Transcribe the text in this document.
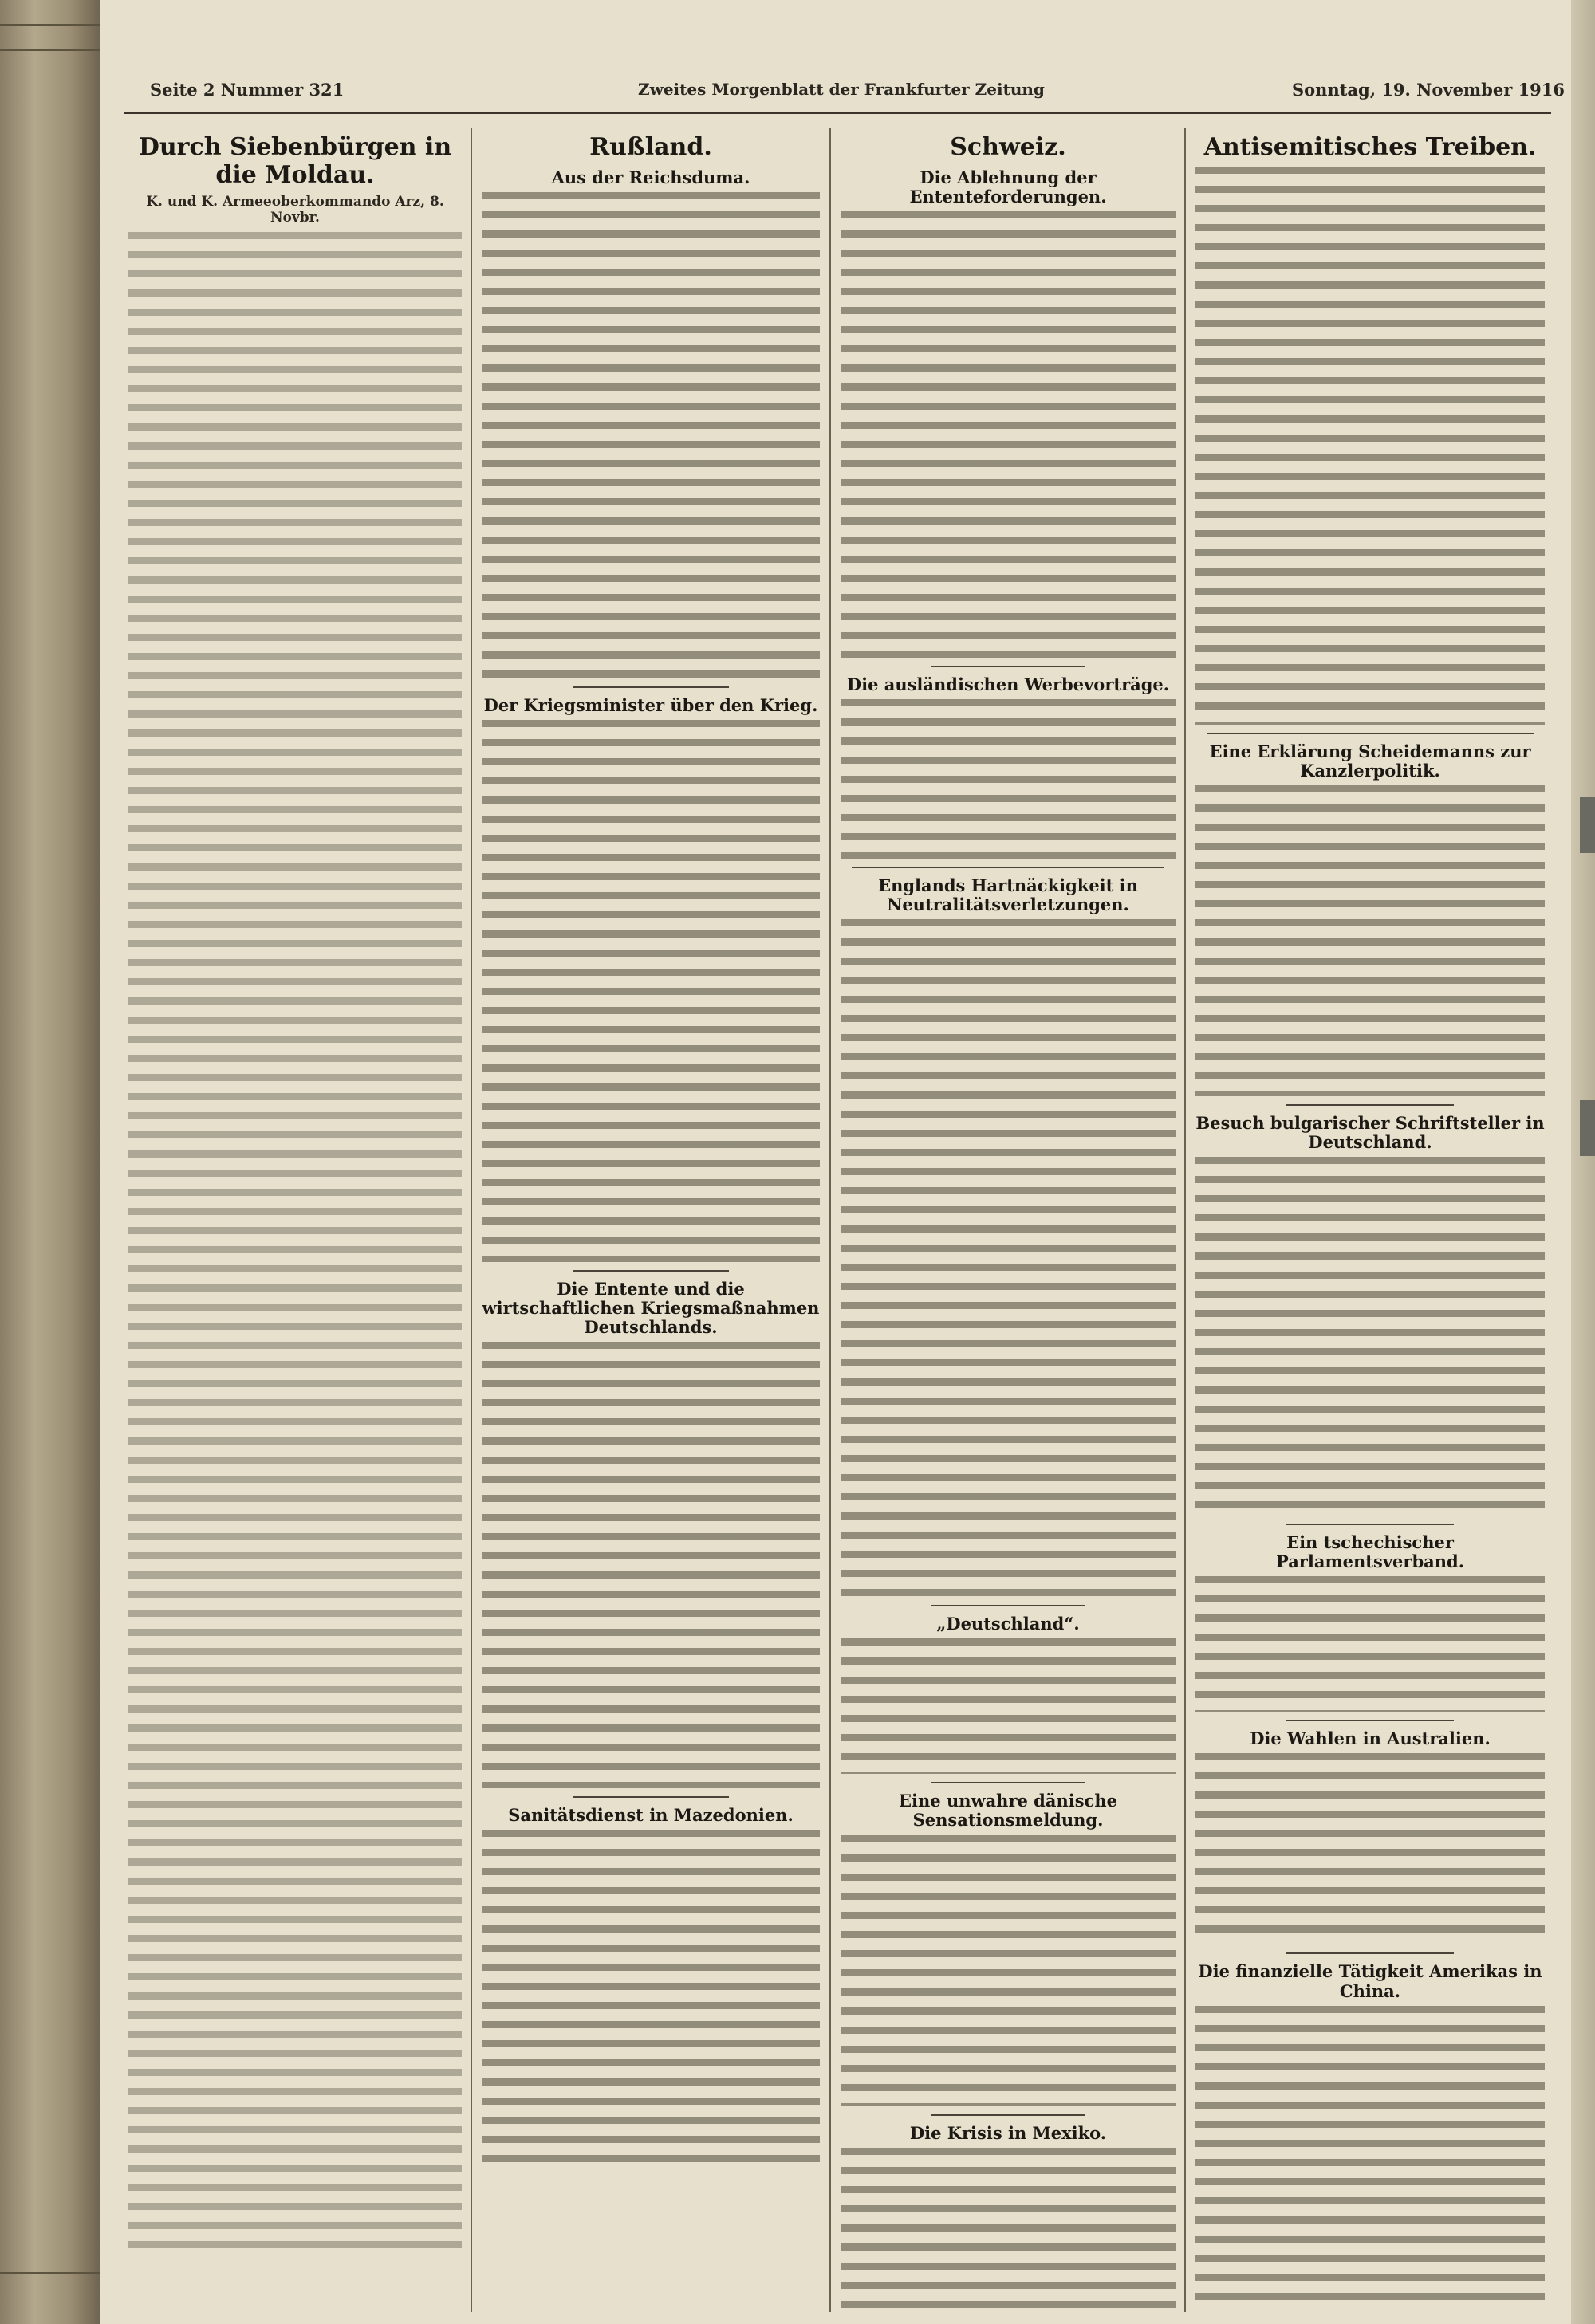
Seite 2 Nummer 321	Zweites Morgenblatt der Frankfurter Zeitung	Sonntag, 19. November 1916
Durch Siebenbürgen in die Moldau.
K. und K. Armeeoberkommando Arz, 8. Novbr.
Rußland.
Aus der Reichsduma.
Der Kriegsminister über den Krieg.
Die Entente und die wirtschaftlichen Kriegsmaßnahmen Deutschlands.
Sanitätsdienst in Mazedonien.
Schweiz.
Die Ablehnung der Ententeforderungen.
Die ausländischen Werbevorträge.
Englands Hartnäckigkeit in Neutralitätsverletzungen.
„Deutschland“.
Eine unwahre dänische Sensationsmeldung.
Die Krisis in Mexiko.
Antisemitisches Treiben.
Eine Erklärung Scheidemanns zur Kanzlerpolitik.
Besuch bulgarischer Schriftsteller in Deutschland.
Ein tschechischer Parlamentsverband.
Die Wahlen in Australien.
Die finanzielle Tätigkeit Amerikas in China.
